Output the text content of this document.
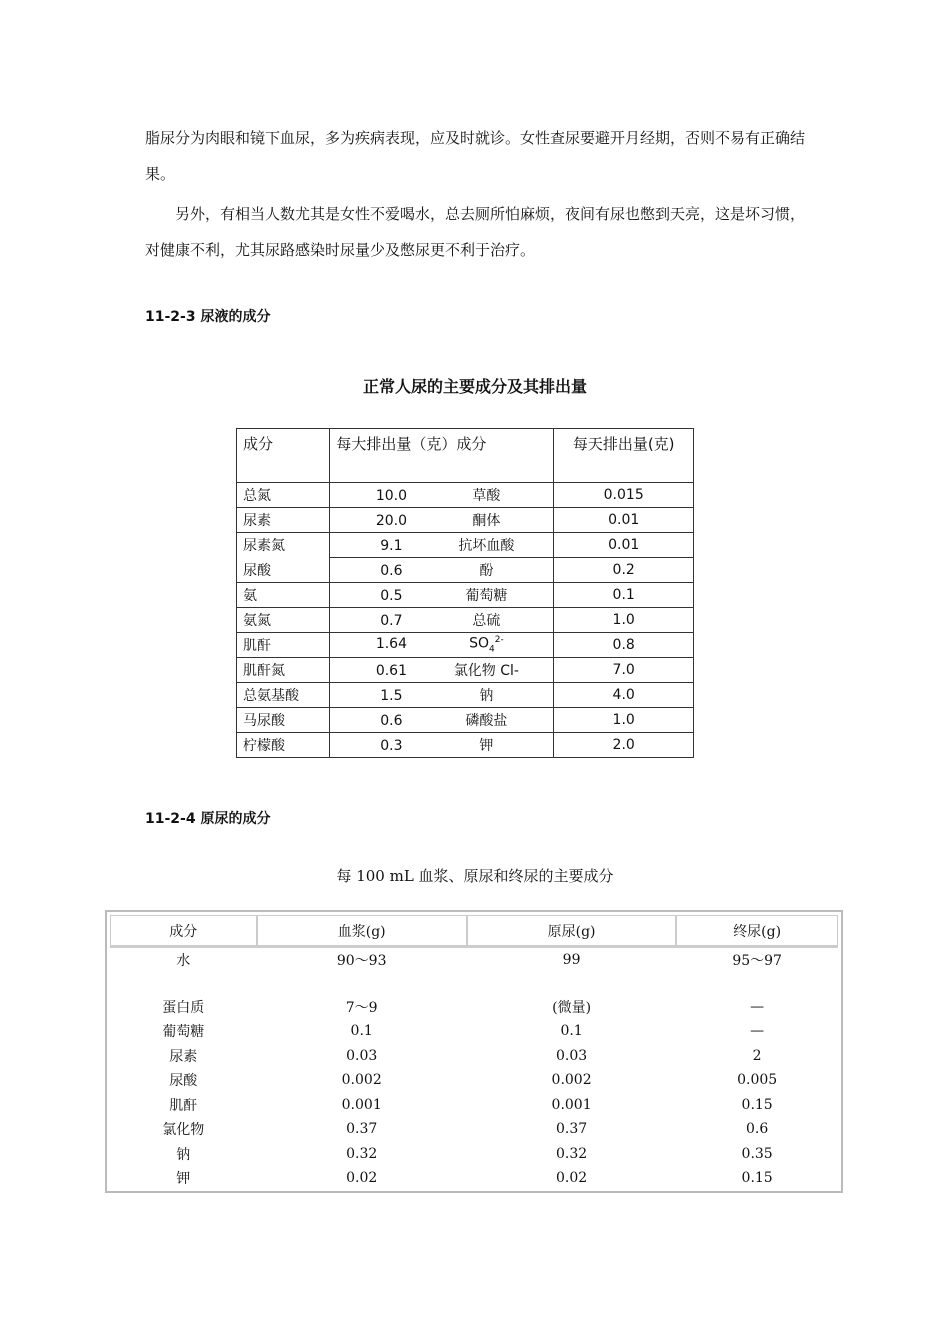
脂尿分为肉眼和镜下血尿，多为疾病表现，应及时就诊。女性查尿要避开月经期，否则不易有正确结果。

另外，有相当人数尤其是女性不爱喝水，总去厕所怕麻烦，夜间有尿也憋到天亮，这是坏习惯，对健康不利，尤其尿路感染时尿量少及憋尿更不利于治疗。

11-2-3 尿液的成分

正常人尿的主要成分及其排出量

成分	每大排出量（克）成分	每天排出量(克)
总氮	10.0 草酸	0.015
尿素	20.0 酮体	0.01
尿素氮	9.1 抗坏血酸	0.01
尿酸	0.6 酚	0.2
氨	0.5 葡萄糖	0.1
氨氮	0.7 总硫	1.0
肌酐	1.64 $SO_4^{2-}$	0.8
肌酐氮	0.61 氯化物 Cl-	7.0
总氨基酸	1.5 钠	4.0
马尿酸	0.6 磷酸盐	1.0
柠檬酸	0.3 钾	2.0
11-2-4 原尿的成分

每 100 mL 血浆、原尿和终尿的主要成分

成分	血浆(g)	原尿(g)	终尿(g)
水	90～93	99	95～97

蛋白质	7～9	(微量)	—
葡萄糖	0.1	0.1	—
尿素	0.03	0.03	2
尿酸	0.002	0.002	0.005
肌酐	0.001	0.001	0.15
氯化物	0.37	0.37	0.6
钠	0.32	0.32	0.35
钾	0.02	0.02	0.15
